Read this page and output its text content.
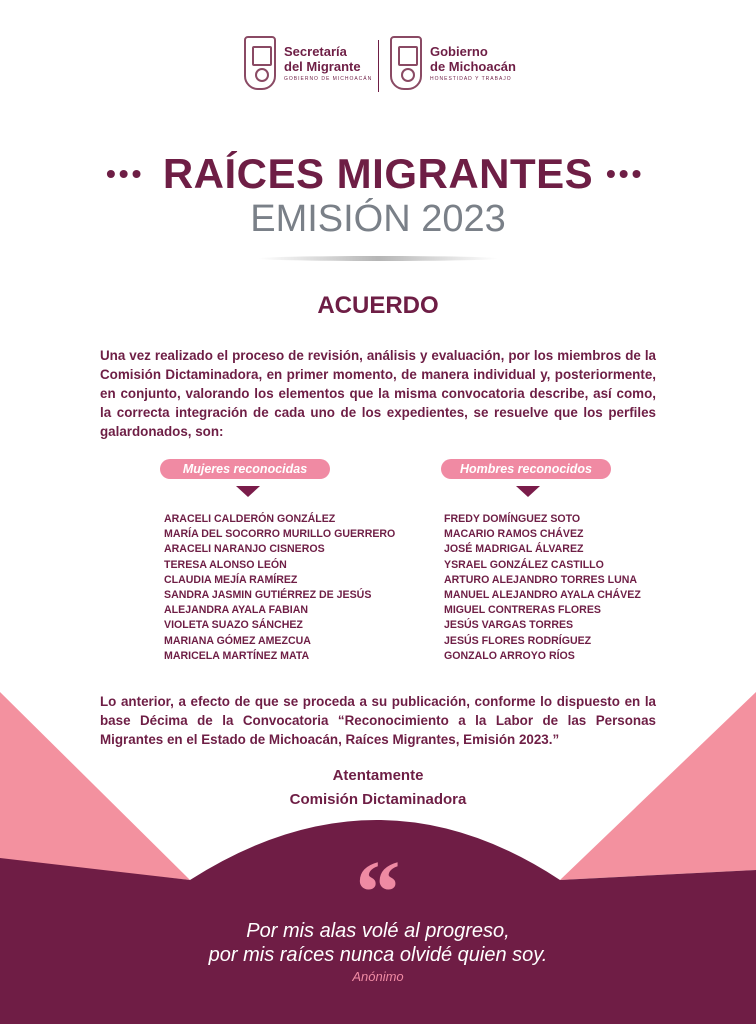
Secretaría
del Migrante
GOBIERNO DE MICHOACÁN
Gobierno
de Michoacán
HONESTIDAD Y TRABAJO
••• RAÍCES MIGRANTES •••
EMISIÓN 2023
ACUERDO
Una vez realizado el proceso de revisión, análisis y evaluación, por los miembros de la Comisión Dictaminadora, en primer momento, de manera individual y, posteriormente, en conjunto, valorando los elementos que la misma convocatoria describe, así como, la correcta integración de cada uno de los expedientes, se resuelve que los perfiles galardonados, son:
Mujeres reconocidas
ARACELI CALDERÓN GONZÁLEZ
MARÍA DEL SOCORRO MURILLO GUERRERO
ARACELI NARANJO CISNEROS
TERESA ALONSO LEÓN
CLAUDIA MEJÍA RAMÍREZ
SANDRA JASMIN GUTIÉRREZ DE JESÚS
ALEJANDRA AYALA FABIAN
VIOLETA SUAZO SÁNCHEZ
MARIANA GÓMEZ AMEZCUA
MARICELA MARTÍNEZ MATA
Hombres reconocidos
FREDY DOMÍNGUEZ SOTO
MACARIO RAMOS CHÁVEZ
JOSÉ MADRIGAL ÁLVAREZ
YSRAEL GONZÁLEZ CASTILLO
ARTURO ALEJANDRO TORRES LUNA
MANUEL ALEJANDRO AYALA CHÁVEZ
MIGUEL CONTRERAS FLORES
JESÚS VARGAS TORRES
JESÚS FLORES RODRÍGUEZ
GONZALO ARROYO RÍOS
Lo anterior, a efecto de que se proceda a su publicación, conforme lo dispuesto en la base Décima de la Convocatoria “Reconocimiento a la Labor de las Personas Migrantes en el Estado de Michoacán, Raíces Migrantes, Emisión 2023.”
Atentamente
Comisión Dictaminadora
“
Por mis alas volé al progreso,
por mis raíces nunca olvidé quien soy.
Anónimo
